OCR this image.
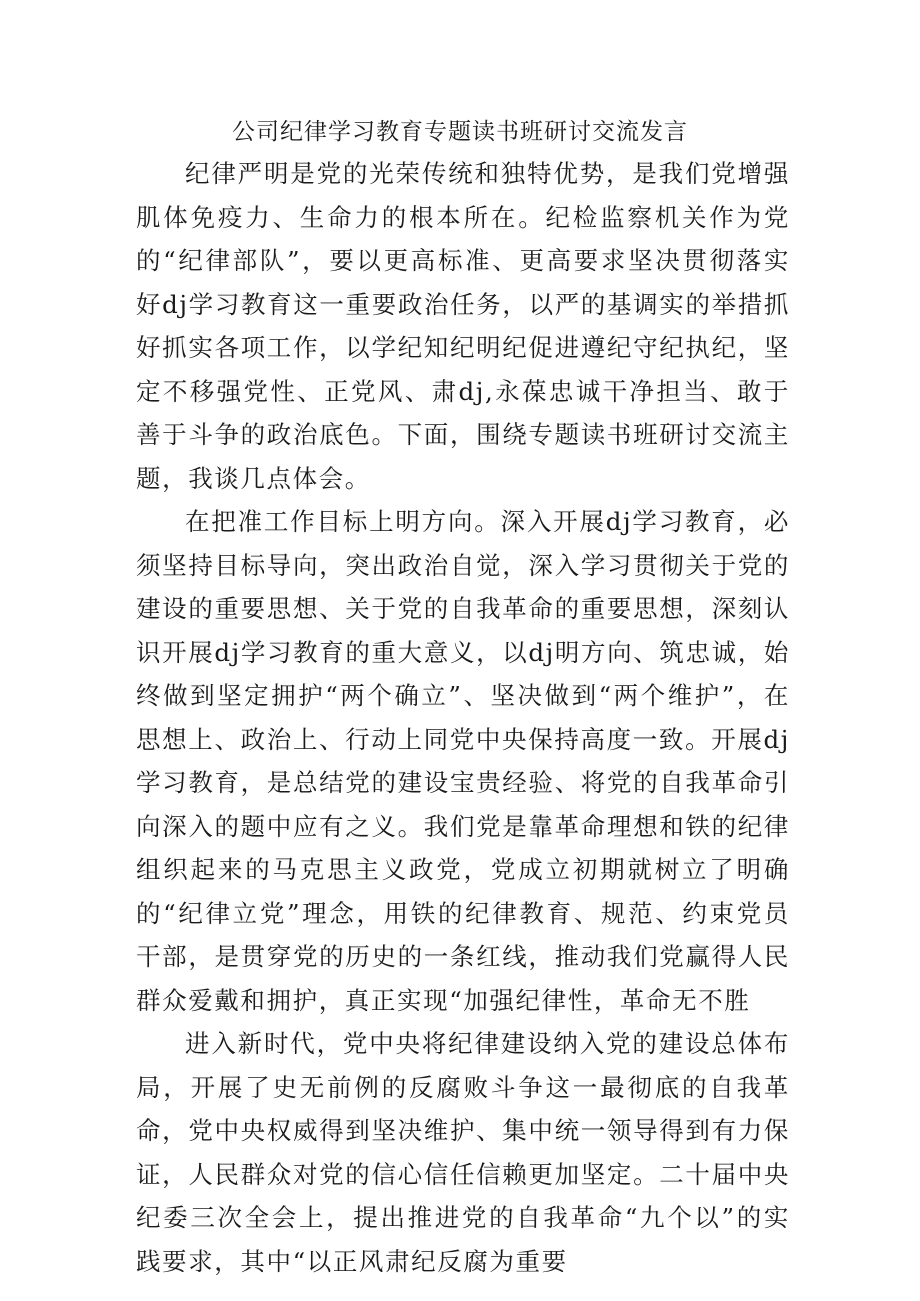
公司纪律学习教育专题读书班研讨交流发言

纪律严明是党的光荣传统和独特优势，是我们党增强肌体免疫力、生命力的根本所在。纪检监察机关作为党的“纪律部队”，要以更高标准、更高要求坚决贯彻落实好dj学习教育这一重要政治任务，以严的基调实的举措抓好抓实各项工作，以学纪知纪明纪促进遵纪守纪执纪，坚定不移强党性、正党风、肃dj,永葆忠诚干净担当、敢于善于斗争的政治底色。下面，围绕专题读书班研讨交流主题，我谈几点体会。

在把准工作目标上明方向。深入开展dj学习教育，必须坚持目标导向，突出政治自觉，深入学习贯彻关于党的建设的重要思想、关于党的自我革命的重要思想，深刻认识开展dj学习教育的重大意义，以dj明方向、筑忠诚，始终做到坚定拥护“两个确立”、坚决做到“两个维护”，在思想上、政治上、行动上同党中央保持高度一致。开展dj学习教育，是总结党的建设宝贵经验、将党的自我革命引向深入的题中应有之义。我们党是靠革命理想和铁的纪律组织起来的马克思主义政党，党成立初期就树立了明确的“纪律立党”理念，用铁的纪律教育、规范、约束党员干部，是贯穿党的历史的一条红线，推动我们党赢得人民群众爱戴和拥护，真正实现“加强纪律性，革命无不胜

进入新时代，党中央将纪律建设纳入党的建设总体布局，开展了史无前例的反腐败斗争这一最彻底的自我革命，党中央权威得到坚决维护、集中统一领导得到有力保证，人民群众对党的信心信任信赖更加坚定。二十届中央纪委三次全会上，提出推进党的自我革命“九个以”的实践要求，其中“以正风肃纪反腐为重要
